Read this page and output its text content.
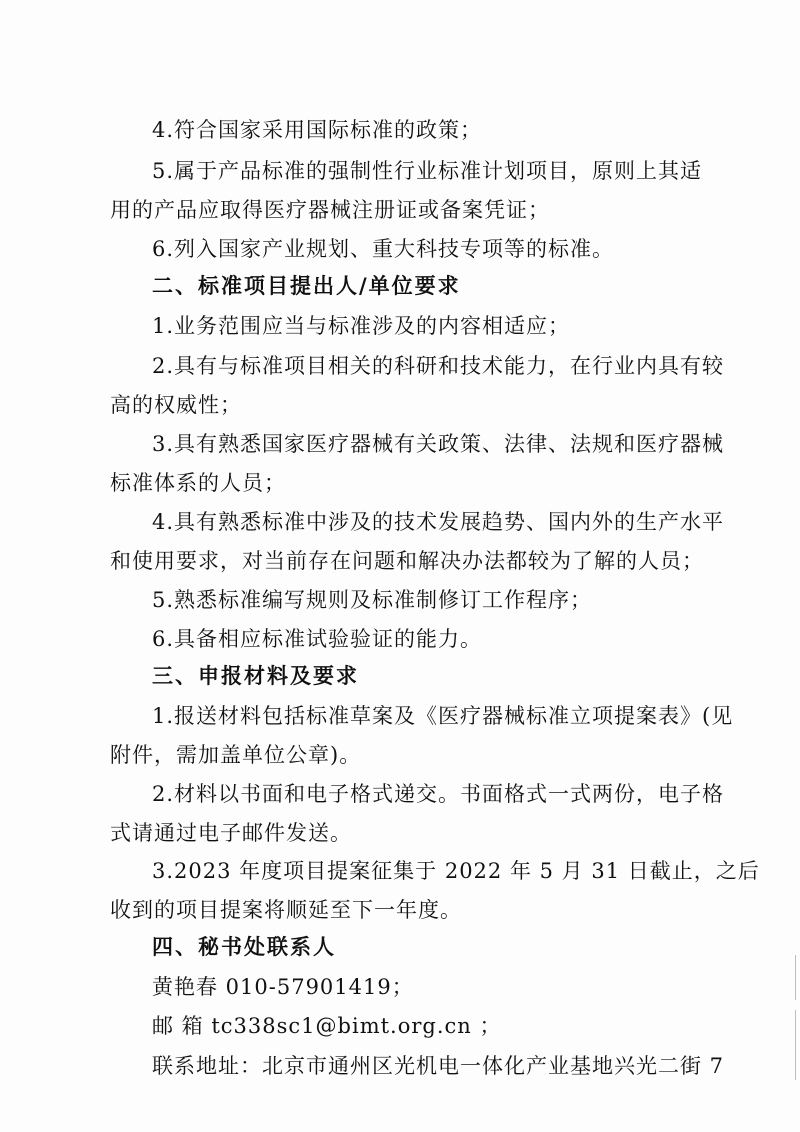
4.符合国家采用国际标准的政策；
5.属于产品标准的强制性行业标准计划项目，原则上其适
用的产品应取得医疗器械注册证或备案凭证；
6.列入国家产业规划、重大科技专项等的标准。
二、标准项目提出人/单位要求
1.业务范围应当与标准涉及的内容相适应；
2.具有与标准项目相关的科研和技术能力，在行业内具有较
高的权威性；
3.具有熟悉国家医疗器械有关政策、法律、法规和医疗器械
标准体系的人员；
4.具有熟悉标准中涉及的技术发展趋势、国内外的生产水平
和使用要求，对当前存在问题和解决办法都较为了解的人员；
5.熟悉标准编写规则及标准制修订工作程序；
6.具备相应标准试验验证的能力。
三、申报材料及要求
1.报送材料包括标准草案及《医疗器械标准立项提案表》(见
附件，需加盖单位公章)。
2.材料以书面和电子格式递交。书面格式一式两份，电子格
式请通过电子邮件发送。
3.2023 年度项目提案征集于 2022 年 5 月 31 日截止，之后
收到的项目提案将顺延至下一年度。
四、秘书处联系人
黄艳春 010-57901419；
邮 箱 tc338sc1@bimt.org.cn ；
联系地址：北京市通州区光机电一体化产业基地兴光二街 7
